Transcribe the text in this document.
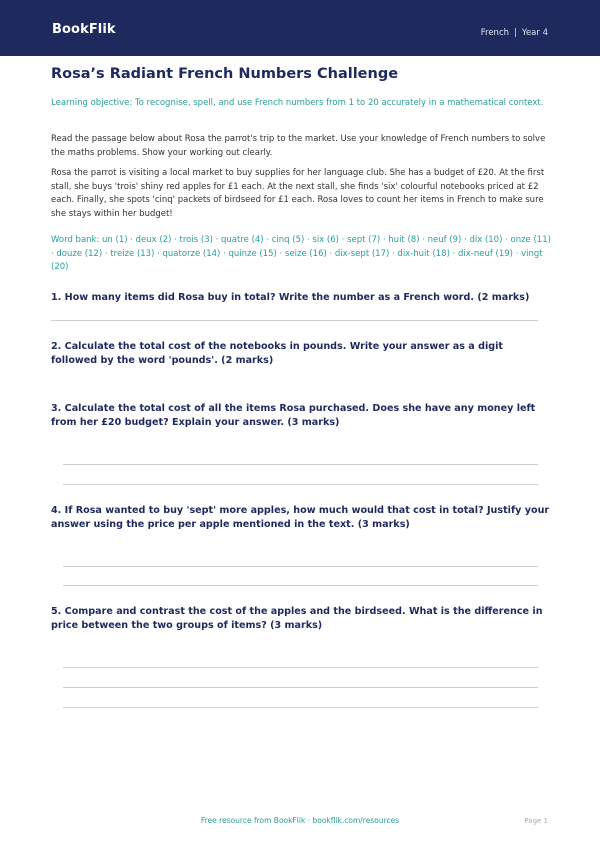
BookFlik	French | Year 4
Rosa’s Radiant French Numbers Challenge
Learning objective: To recognise, spell, and use French numbers from 1 to 20 accurately in a mathematical context.
Read the passage below about Rosa the parrot's trip to the market. Use your knowledge of French numbers to solve the maths problems. Show your working out clearly.
Rosa the parrot is visiting a local market to buy supplies for her language club. She has a budget of £20. At the first stall, she buys 'trois' shiny red apples for £1 each. At the next stall, she finds 'six' colourful notebooks priced at £2 each. Finally, she spots 'cinq' packets of birdseed for £1 each. Rosa loves to count her items in French to make sure she stays within her budget!
Word bank: un (1) · deux (2) · trois (3) · quatre (4) · cinq (5) · six (6) · sept (7) · huit (8) · neuf (9) · dix (10) · onze (11) · douze (12) · treize (13) · quatorze (14) · quinze (15) · seize (16) · dix-sept (17) · dix-huit (18) · dix-neuf (19) · vingt (20)
1. How many items did Rosa buy in total? Write the number as a French word. (2 marks)
2. Calculate the total cost of the notebooks in pounds. Write your answer as a digit followed by the word 'pounds'. (2 marks)
3. Calculate the total cost of all the items Rosa purchased. Does she have any money left from her £20 budget? Explain your answer. (3 marks)
4. If Rosa wanted to buy 'sept' more apples, how much would that cost in total? Justify your answer using the price per apple mentioned in the text. (3 marks)
5. Compare and contrast the cost of the apples and the birdseed. What is the difference in price between the two groups of items? (3 marks)
Free resource from BookFlik · bookflik.com/resources	Page 1
